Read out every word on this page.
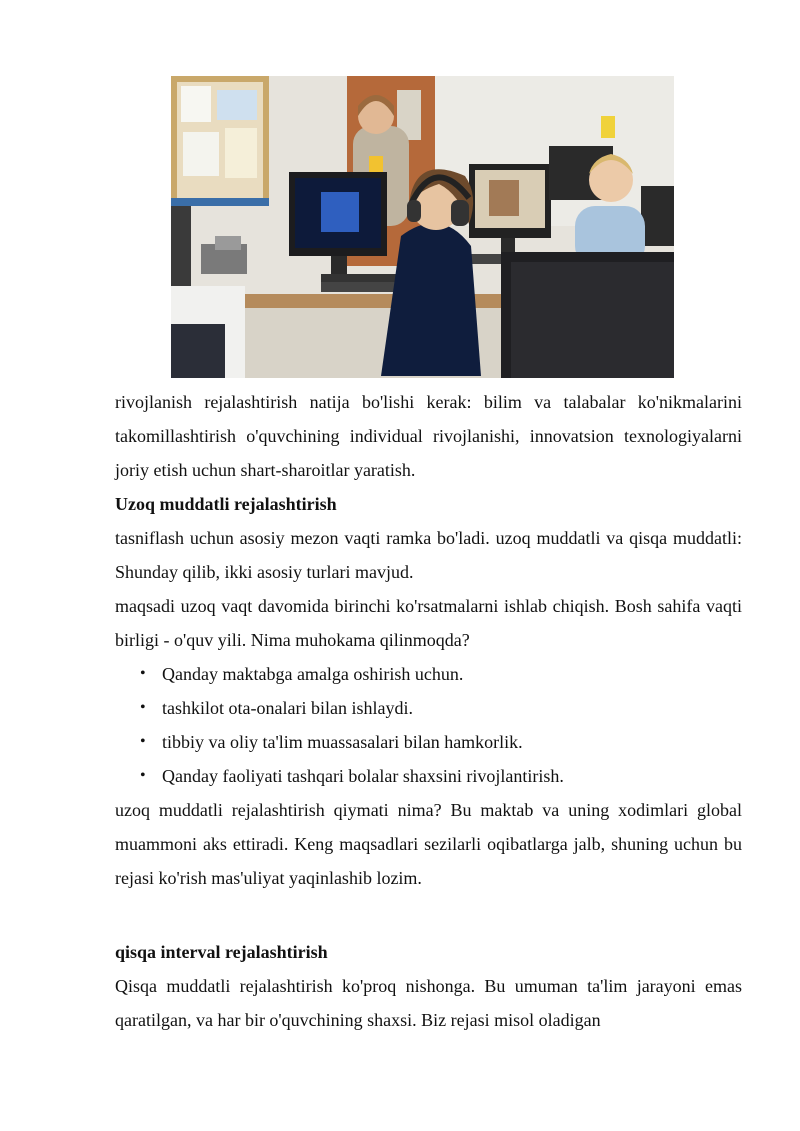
rivojlanish rejalashtirish natija bo'lishi kerak: bilim va talabalar ko'nikmalarini takomillashtirish o'quvchining individual rivojlanishi, innovatsion texnologiyalarni joriy etish uchun shart-sharoitlar yaratish.

Uzoq muddatli rejalashtirish

tasniflash uchun asosiy mezon vaqti ramka bo'ladi. uzoq muddatli va qisqa muddatli: Shunday qilib, ikki asosiy turlari mavjud.

maqsadi uzoq vaqt davomida birinchi ko'rsatmalarni ishlab chiqish. Bosh sahifa vaqti birligi - o'quv yili. Nima muhokama qilinmoqda?

• Qanday maktabga amalga oshirish uchun.
• tashkilot ota-onalari bilan ishlaydi.
• tibbiy va oliy ta'lim muassasalari bilan hamkorlik.
• Qanday faoliyati tashqari bolalar shaxsini rivojlantirish.

uzoq muddatli rejalashtirish qiymati nima? Bu maktab va uning xodimlari global muammoni aks ettiradi. Keng maqsadlari sezilarli oqibatlarga jalb, shuning uchun bu rejasi ko'rish mas'uliyat yaqinlashib lozim.

qisqa interval rejalashtirish

Qisqa muddatli rejalashtirish ko'proq nishonga. Bu umuman ta'lim jarayoni emas qaratilgan, va har bir o'quvchining shaxsi. Biz rejasi misol oladigan
